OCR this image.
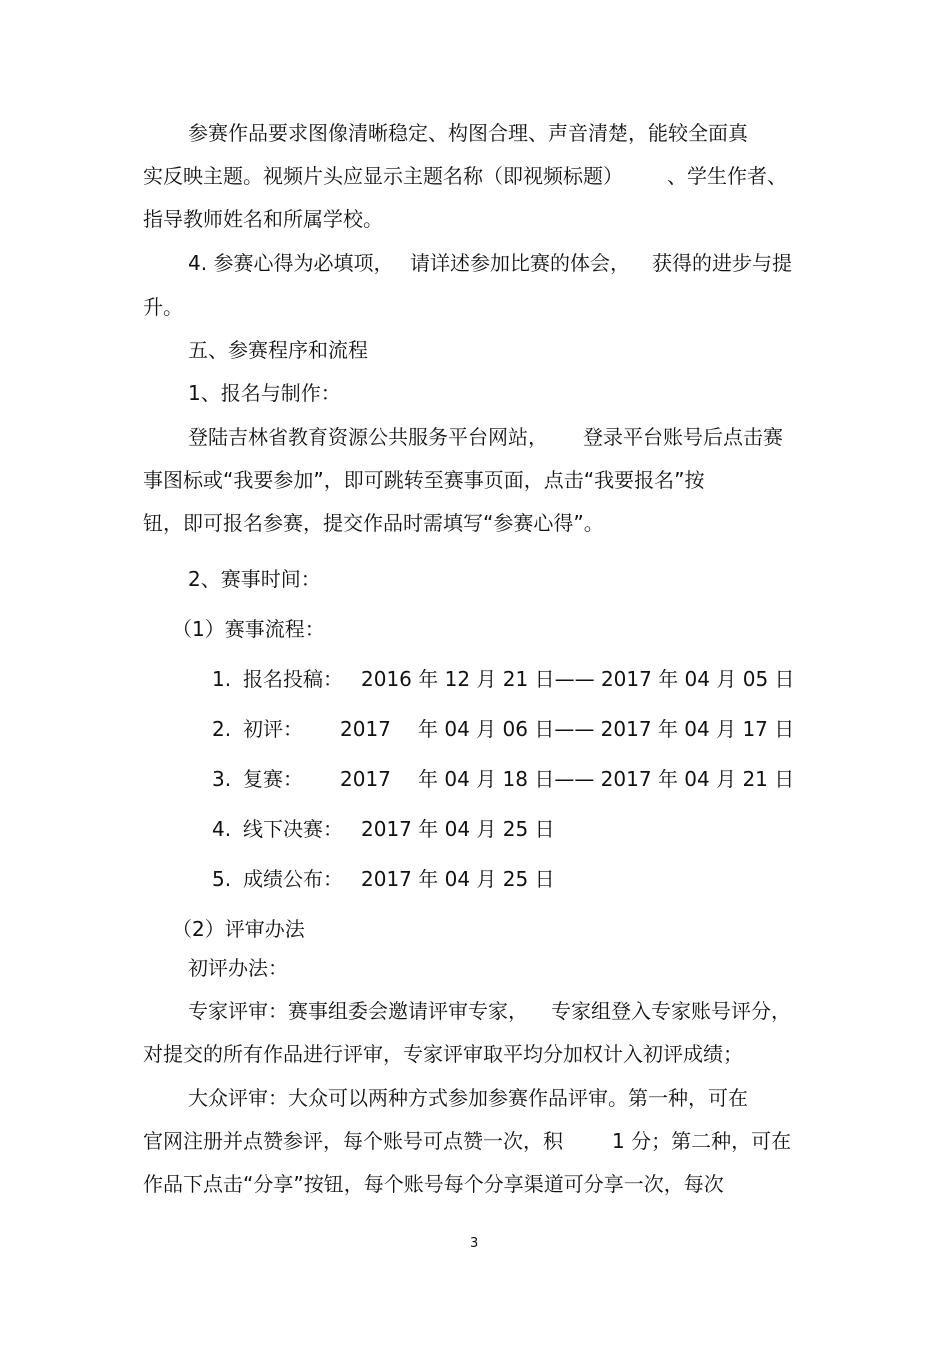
参赛作品要求图像清晰稳定、构图合理、声音清楚，能较全面真
实反映主题。视频片头应显示主题名称（即视频标题） 、学生作者、
指导教师姓名和所属学校。
4. 参赛心得为必填项， 请详述参加比赛的体会， 获得的进步与提
升。
五、参赛程序和流程
1、报名与制作：
登陆吉林省教育资源公共服务平台网站， 登录平台账号后点击赛
事图标或“我要参加”，即可跳转至赛事页面，点击“我要报名”按
钮，即可报名参赛，提交作品时需填写“参赛心得”。
2、赛事时间：
（1）赛事流程：

1.

报名投稿：

2016 年 12 月 21 日—— 2017 年 04 月 05 日

2.

初评：

2017

年 04 月 06 日—— 2017 年 04 月 17 日

3.

复赛：

2017

年 04 月 18 日—— 2017 年 04 月 21 日

4.

线下决赛：

2017 年 04 月 25 日

5.

成绩公布：

2017 年 04 月 25 日

（2）评审办法
初评办法：
专家评审：赛事组委会邀请评审专家， 专家组登入专家账号评分，
对提交的所有作品进行评审，专家评审取平均分加权计入初评成绩；
大众评审：大众可以两种方式参加参赛作品评审。第一种，可在
官网注册并点赞参评，每个账号可点赞一次，积 1 分；第二种，可在
作品下点击“分享”按钮，每个账号每个分享渠道可分享一次，每次
3
